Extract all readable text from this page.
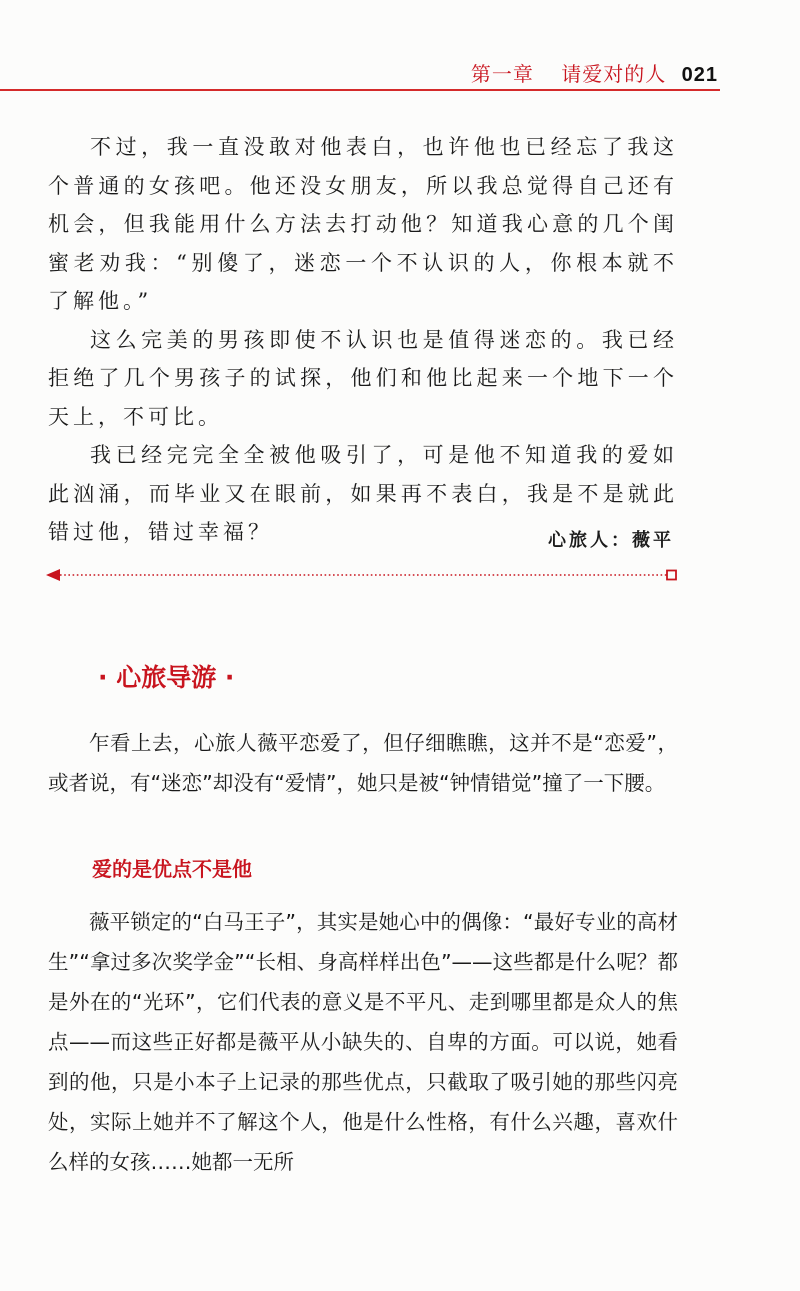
第一章 请爱对的人 021

不过，我一直没敢对他表白，也许他也已经忘了我这个普通的女孩吧。他还没女朋友，所以我总觉得自己还有机会，但我能用什么方法去打动他？知道我心意的几个闺蜜老劝我：“别傻了，迷恋一个不认识的人，你根本就不了解他。”

这么完美的男孩即使不认识也是值得迷恋的。我已经拒绝了几个男孩子的试探，他们和他比起来一个地下一个天上，不可比。

我已经完完全全被他吸引了，可是他不知道我的爱如此汹涌，而毕业又在眼前，如果再不表白，我是不是就此错过他，错过幸福？	心旅人：薇平
· 心旅导游 ·

乍看上去，心旅人薇平恋爱了，但仔细瞧瞧，这并不是“恋爱”，或者说，有“迷恋”却没有“爱情”，她只是被“钟情错觉”撞了一下腰。

爱的是优点不是他

薇平锁定的“白马王子”，其实是她心中的偶像：“最好专业的高材生”“拿过多次奖学金”“长相、身高样样出色”——这些都是什么呢？都是外在的“光环”，它们代表的意义是不平凡、走到哪里都是众人的焦点——而这些正好都是薇平从小缺失的、自卑的方面。可以说，她看到的他，只是小本子上记录的那些优点，只截取了吸引她的那些闪亮处，实际上她并不了解这个人，他是什么性格，有什么兴趣，喜欢什么样的女孩……她都一无所
